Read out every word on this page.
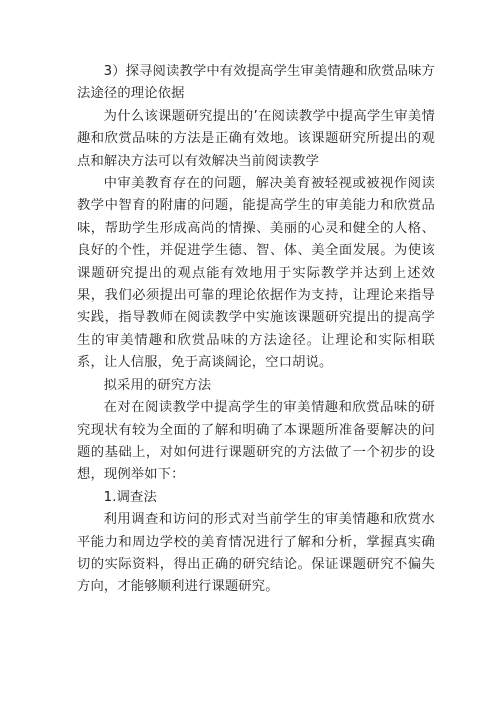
3）探寻阅读教学中有效提高学生审美情趣和欣赏品味方法途径的理论依据

为什么该课题研究提出的’在阅读教学中提高学生审美情趣和欣赏品味的方法是正确有效地。该课题研究所提出的观点和解决方法可以有效解决当前阅读教学

中审美教育存在的问题，解决美育被轻视或被视作阅读教学中智育的附庸的问题，能提高学生的审美能力和欣赏品味，帮助学生形成高尚的情操、美丽的心灵和健全的人格、良好的个性，并促进学生德、智、体、美全面发展。为使该课题研究提出的观点能有效地用于实际教学并达到上述效果，我们必须提出可靠的理论依据作为支持，让理论来指导实践，指导教师在阅读教学中实施该课题研究提出的提高学生的审美情趣和欣赏品味的方法途径。让理论和实际相联系，让人信服，免于高谈阔论，空口胡说。

拟采用的研究方法

在对在阅读教学中提高学生的审美情趣和欣赏品味的研究现状有较为全面的了解和明确了本课题所准备要解决的问题的基础上，对如何进行课题研究的方法做了一个初步的设想，现例举如下：

1.调查法

利用调查和访问的形式对当前学生的审美情趣和欣赏水平能力和周边学校的美育情况进行了解和分析，掌握真实确切的实际资料，得出正确的研究结论。保证课题研究不偏失方向，才能够顺利进行课题研究。
